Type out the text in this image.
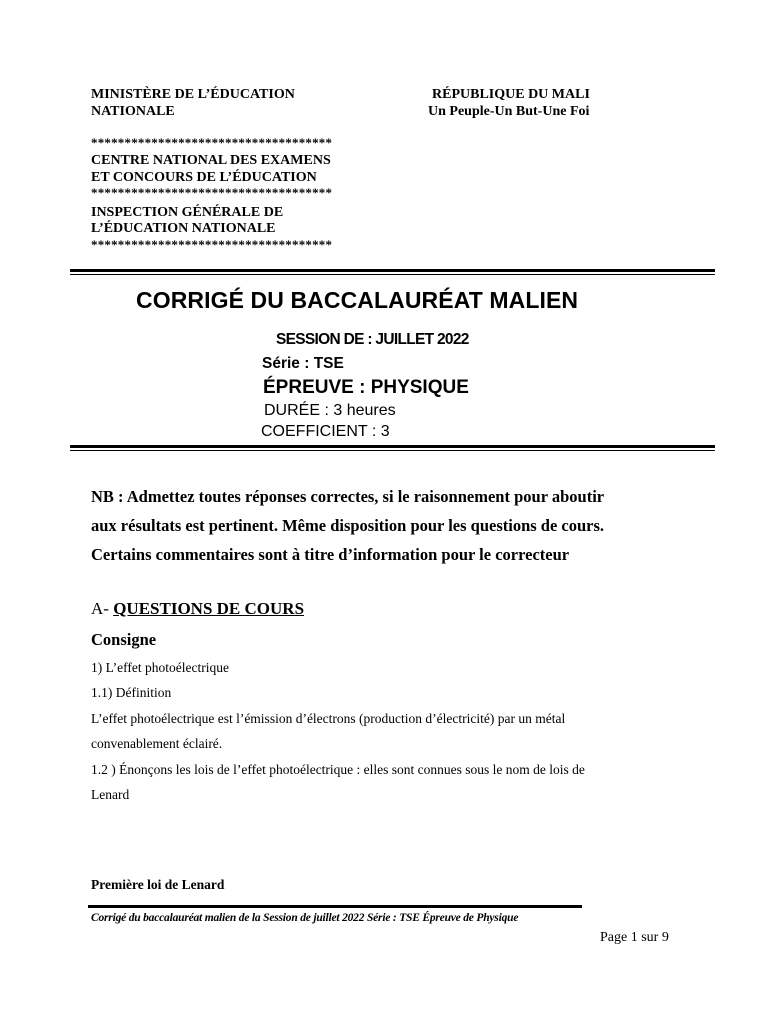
MINISTÈRE DE L’ÉDUCATION
NATIONALE
************************************
CENTRE NATIONAL DES EXAMENS
ET CONCOURS DE L’ÉDUCATION
************************************
INSPECTION GÉNÉRALE DE
L’ÉDUCATION NATIONALE
************************************
RÉPUBLIQUE DU MALI
Un Peuple-Un But-Une Foi
CORRIGÉ DU BACCALAURÉAT MALIEN
SESSION DE : JUILLET 2022
Série : TSE
ÉPREUVE : PHYSIQUE
DURÉE : 3 heures
COEFFICIENT : 3
NB : Admettez toutes réponses correctes, si le raisonnement pour aboutir
aux résultats est pertinent. Même disposition pour les questions de cours.
Certains commentaires sont à titre d’information pour le correcteur
A- QUESTIONS DE COURS
Consigne
1) L’effet photoélectrique
1.1) Définition
L’effet photoélectrique est l’émission d’électrons (production d’électricité) par un métal
convenablement éclairé.
1.2 ) Énonçons les lois de l’effet photoélectrique : elles sont connues sous le nom de lois de
Lenard
Première loi de Lenard
Corrigé du baccalauréat malien de la Session de juillet 2022 Série : TSE Épreuve de Physique
Page 1 sur 9
